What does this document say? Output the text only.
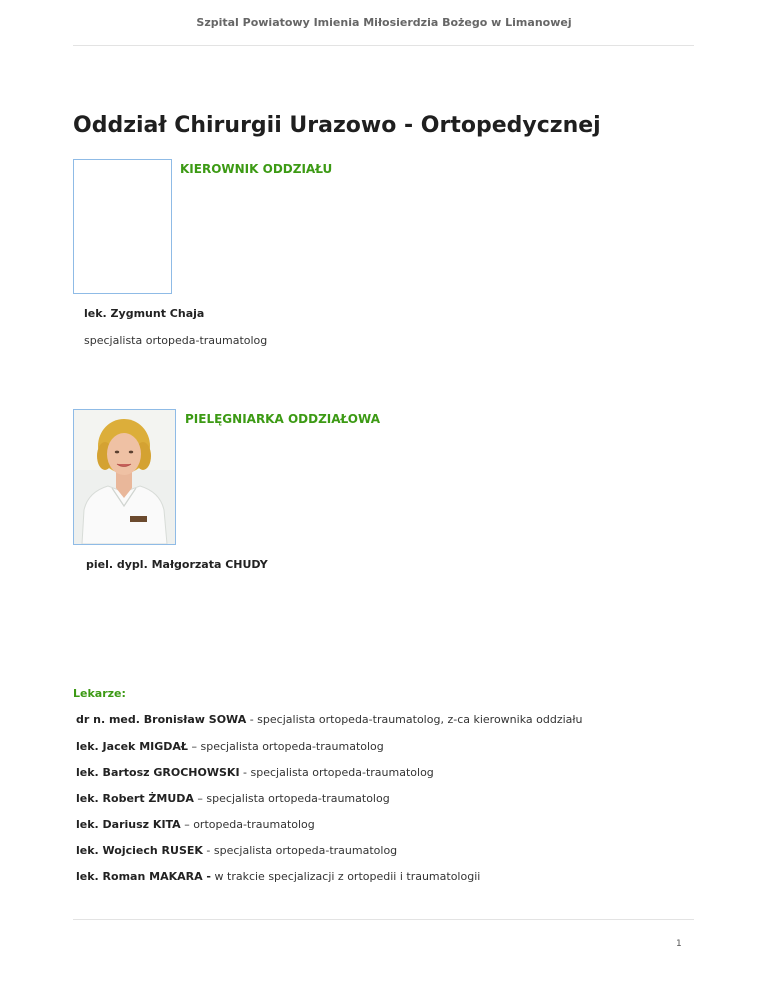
Szpital Powiatowy Imienia Miłosierdzia Bożego w Limanowej
Oddział Chirurgii Urazowo - Ortopedycznej
KIEROWNIK ODDZIAŁU
lek. Zygmunt Chaja
specjalista ortopeda-traumatolog
PIELĘGNIARKA ODDZIAŁOWA
piel. dypl. Małgorzata CHUDY
Lekarze:
dr n. med. Bronisław SOWA - specjalista ortopeda-traumatolog, z-ca kierownika oddziału
lek. Jacek MIGDAŁ – specjalista ortopeda-traumatolog
lek. Bartosz GROCHOWSKI - specjalista ortopeda-traumatolog
lek. Robert ŻMUDA – specjalista ortopeda-traumatolog
lek. Dariusz KITA – ortopeda-traumatolog
lek. Wojciech RUSEK - specjalista ortopeda-traumatolog
lek. Roman MAKARA - w trakcie specjalizacji z ortopedii i traumatologii
1
